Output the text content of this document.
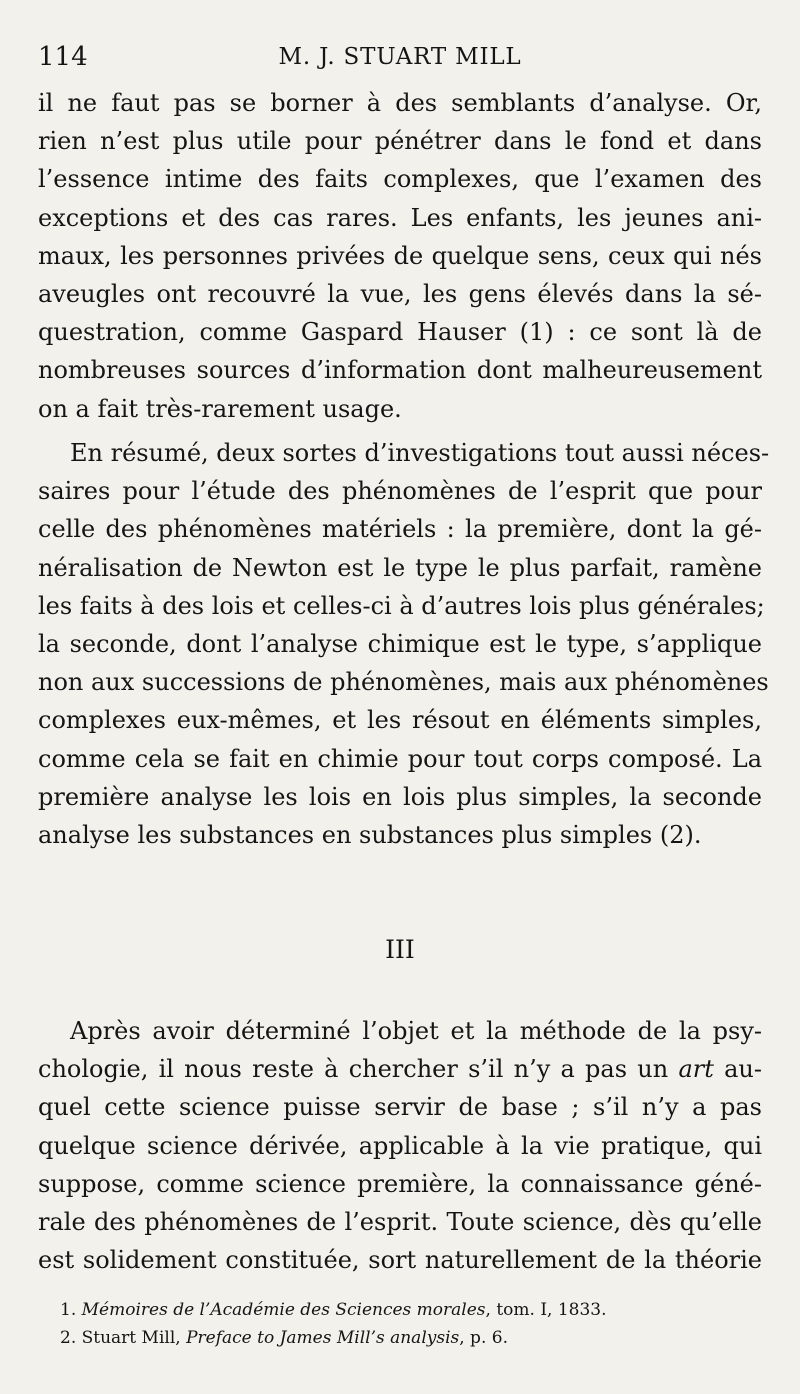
114	M. J. STUART MILL
il ne faut pas se borner à des semblants d’analyse. Or,
rien n’est plus utile pour pénétrer dans le fond et dans
l’essence intime des faits complexes, que l’examen des
exceptions et des cas rares. Les enfants, les jeunes ani-
maux, les personnes privées de quelque sens, ceux qui nés
aveugles ont recouvré la vue, les gens élevés dans la sé-
questration, comme Gaspard Hauser (1) : ce sont là de
nombreuses sources d’information dont malheureusement
on a fait très-rarement usage.
En résumé, deux sortes d’investigations tout aussi néces-
saires pour l’étude des phénomènes de l’esprit que pour
celle des phénomènes matériels : la première, dont la gé-
néralisation de Newton est le type le plus parfait, ramène
les faits à des lois et celles-ci à d’autres lois plus générales;
la seconde, dont l’analyse chimique est le type, s’applique
non aux successions de phénomènes, mais aux phénomènes
complexes eux-mêmes, et les résout en éléments simples,
comme cela se fait en chimie pour tout corps composé. La
première analyse les lois en lois plus simples, la seconde
analyse les substances en substances plus simples (2).
III
Après avoir déterminé l’objet et la méthode de la psy-
chologie, il nous reste à chercher s’il n’y a pas un art au-
quel cette science puisse servir de base ; s’il n’y a pas
quelque science dérivée, applicable à la vie pratique, qui
suppose, comme science première, la connaissance géné-
rale des phénomènes de l’esprit. Toute science, dès qu’elle
est solidement constituée, sort naturellement de la théorie
1. Mémoires de l’Académie des Sciences morales, tom. I, 1833.
2. Stuart Mill, Preface to James Mill’s analysis, p. 6.
